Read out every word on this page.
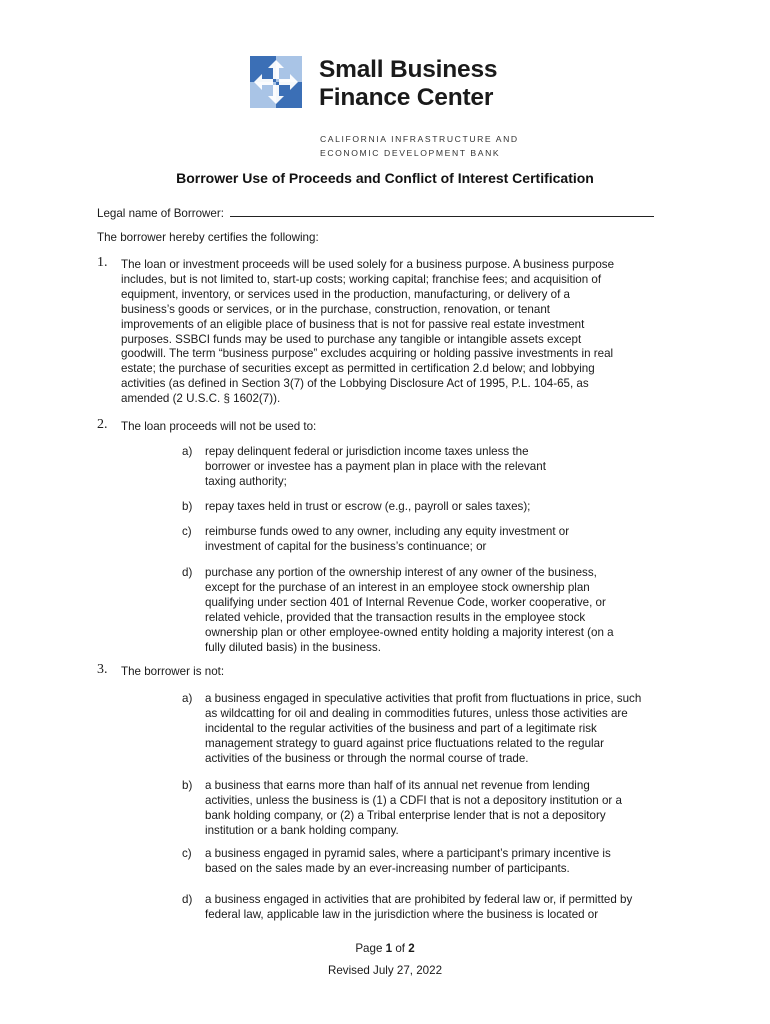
Small Business
Finance Center
CALIFORNIA INFRASTRUCTURE AND
ECONOMIC DEVELOPMENT BANK
Borrower Use of Proceeds and Conflict of Interest Certification
Legal name of Borrower:
The borrower hereby certifies the following:
1. The loan or investment proceeds will be used solely for a business purpose. A business purpose
includes, but is not limited to, start-up costs; working capital; franchise fees; and acquisition of
equipment, inventory, or services used in the production, manufacturing, or delivery of a
business’s goods or services, or in the purchase, construction, renovation, or tenant
improvements of an eligible place of business that is not for passive real estate investment
purposes. SSBCI funds may be used to purchase any tangible or intangible assets except
goodwill. The term “business purpose” excludes acquiring or holding passive investments in real
estate; the purchase of securities except as permitted in certification 2.d below; and lobbying
activities (as defined in Section 3(7) of the Lobbying Disclosure Act of 1995, P.L. 104-65, as
amended (2 U.S.C. § 1602(7)).
2. The loan proceeds will not be used to:
a) repay delinquent federal or jurisdiction income taxes unless the
borrower or investee has a payment plan in place with the relevant
taxing authority;
b) repay taxes held in trust or escrow (e.g., payroll or sales taxes);
c) reimburse funds owed to any owner, including any equity investment or
investment of capital for the business’s continuance; or
d) purchase any portion of the ownership interest of any owner of the business,
except for the purchase of an interest in an employee stock ownership plan
qualifying under section 401 of Internal Revenue Code, worker cooperative, or
related vehicle, provided that the transaction results in the employee stock
ownership plan or other employee-owned entity holding a majority interest (on a
fully diluted basis) in the business.
3. The borrower is not:
a) a business engaged in speculative activities that profit from fluctuations in price, such
as wildcatting for oil and dealing in commodities futures, unless those activities are
incidental to the regular activities of the business and part of a legitimate risk
management strategy to guard against price fluctuations related to the regular
activities of the business or through the normal course of trade.
b) a business that earns more than half of its annual net revenue from lending
activities, unless the business is (1) a CDFI that is not a depository institution or a
bank holding company, or (2) a Tribal enterprise lender that is not a depository
institution or a bank holding company.
c) a business engaged in pyramid sales, where a participant’s primary incentive is
based on the sales made by an ever-increasing number of participants.
d) a business engaged in activities that are prohibited by federal law or, if permitted by
federal law, applicable law in the jurisdiction where the business is located or
Page 1 of 2
Revised July 27, 2022
